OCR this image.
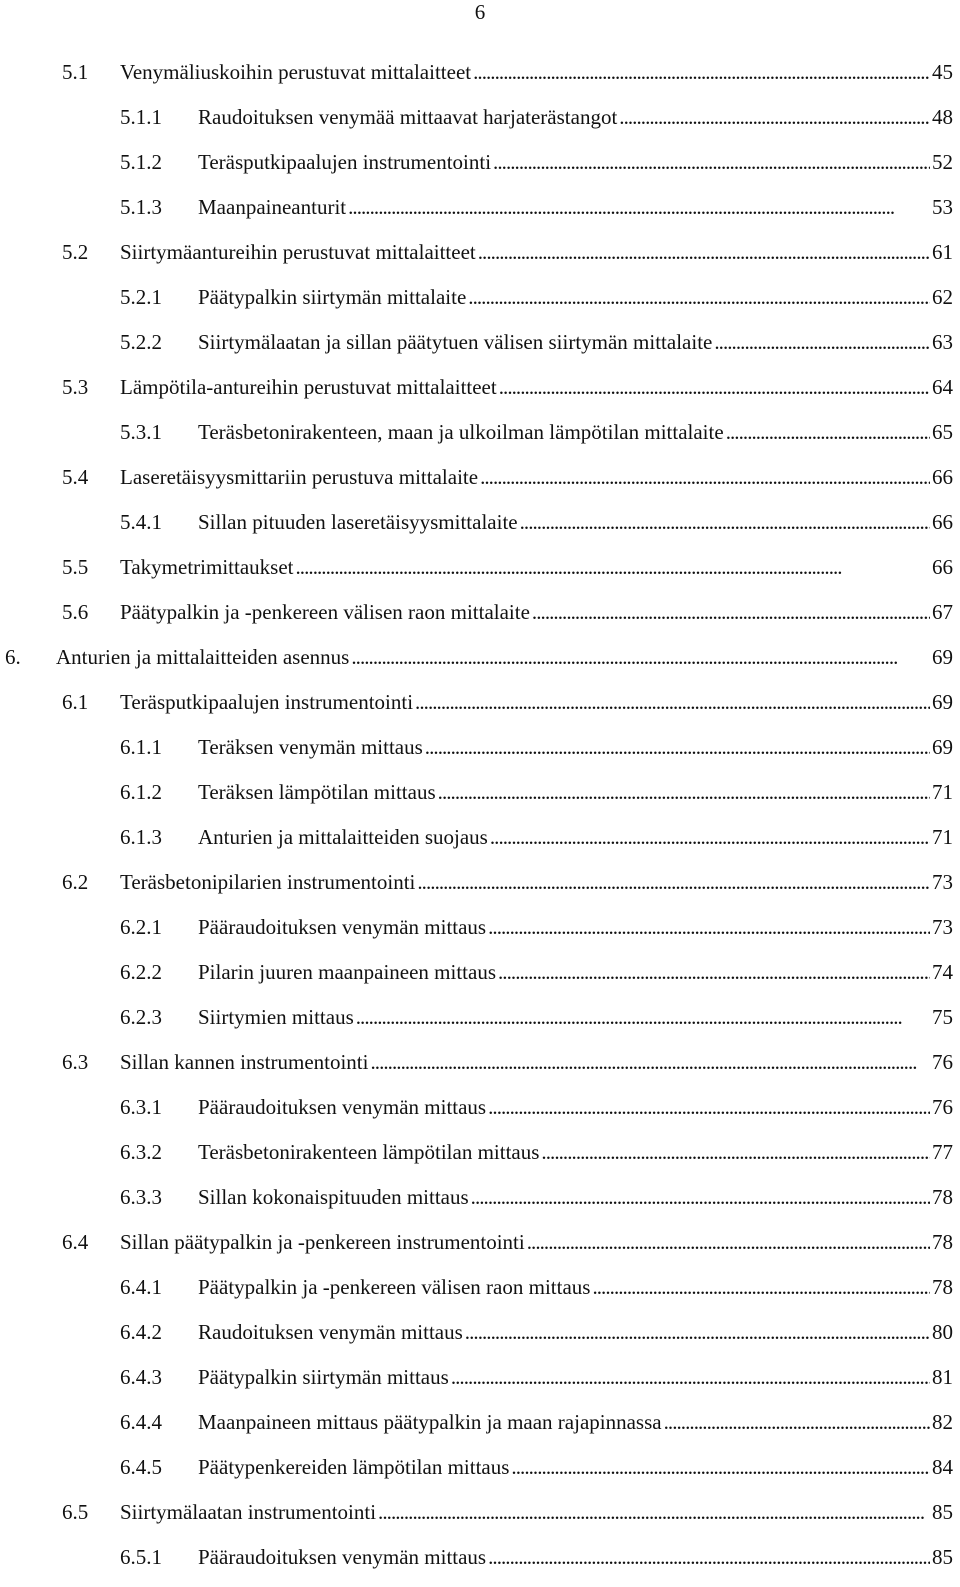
6
5.1 Venymäliuskoihin perustuvat mittalaitteet . . .	45
5.1.1 Raudoituksen venymää mittaavat harjaterästangot . . .	48
5.1.2 Teräsputkipaalujen instrumentointi . . .	52
5.1.3 Maanpaineanturit . . .	53
5.2 Siirtymäantureihin perustuvat mittalaitteet . . .	61
5.2.1 Päätypalkin siirtymän mittalaite . . .	62
5.2.2 Siirtymälaatan ja sillan päätytuen välisen siirtymän mittalaite . . .	63
5.3 Lämpötila-antureihin perustuvat mittalaitteet . . .	64
5.3.1 Teräsbetonirakenteen, maan ja ulkoilman lämpötilan mittalaite . . .	65
5.4 Laseretäisyysmittariin perustuva mittalaite . . .	66
5.4.1 Sillan pituuden laseretäisyysmittalaite . . .	66
5.5 Takymetrimittaukset . . .	66
5.6 Päätypalkin ja -penkereen välisen raon mittalaite . . .	67
6. Anturien ja mittalaitteiden asennus . . .	69
6.1 Teräsputkipaalujen instrumentointi . . .	69
6.1.1 Teräksen venymän mittaus . . .	69
6.1.2 Teräksen lämpötilan mittaus . . .	71
6.1.3 Anturien ja mittalaitteiden suojaus . . .	71
6.2 Teräsbetonipilarien instrumentointi . . .	73
6.2.1 Pääraudoituksen venymän mittaus . . .	73
6.2.2 Pilarin juuren maanpaineen mittaus . . .	74
6.2.3 Siirtymien mittaus . . .	75
6.3 Sillan kannen instrumentointi . . .	76
6.3.1 Pääraudoituksen venymän mittaus . . .	76
6.3.2 Teräsbetonirakenteen lämpötilan mittaus . . .	77
6.3.3 Sillan kokonaispituuden mittaus . . .	78
6.4 Sillan päätypalkin ja -penkereen instrumentointi . . .	78
6.4.1 Päätypalkin ja -penkereen välisen raon mittaus . . .	78
6.4.2 Raudoituksen venymän mittaus . . .	80
6.4.3 Päätypalkin siirtymän mittaus . . .	81
6.4.4 Maanpaineen mittaus päätypalkin ja maan rajapinnassa . . .	82
6.4.5 Päätypenkereiden lämpötilan mittaus . . .	84
6.5 Siirtymälaatan instrumentointi . . .	85
6.5.1 Pääraudoituksen venymän mittaus . . .	85
